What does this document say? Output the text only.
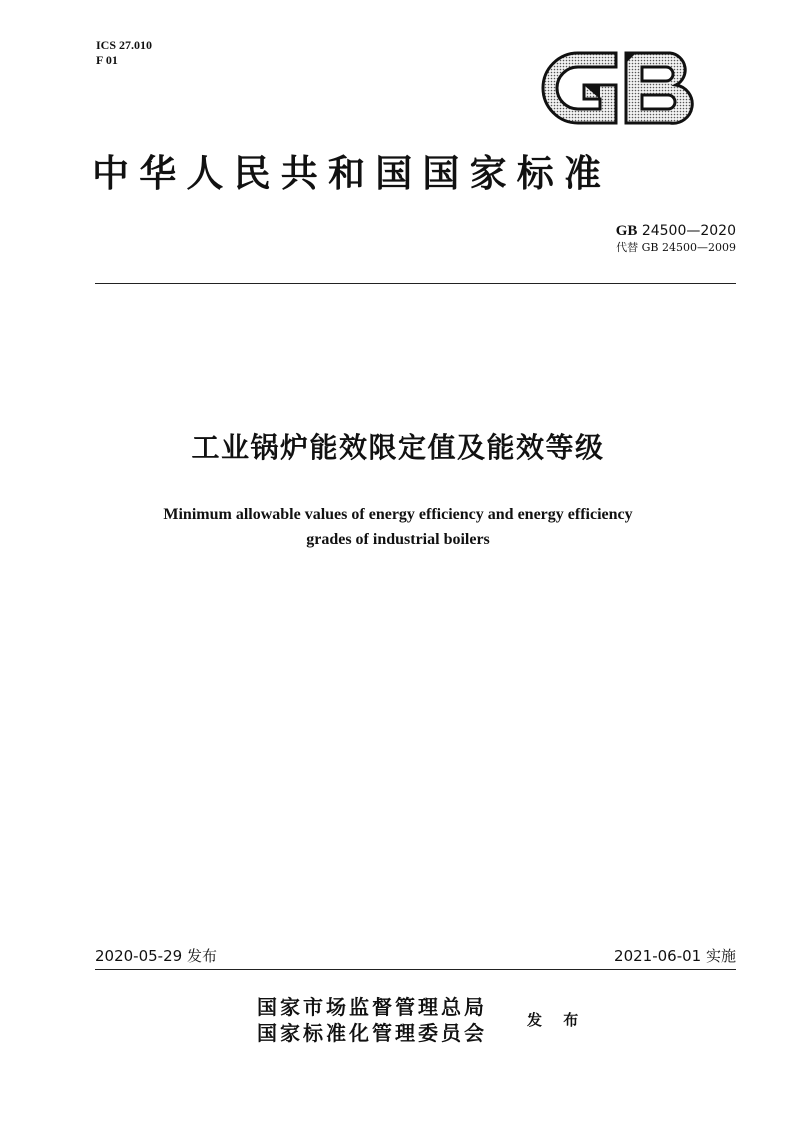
ICS 27.010
F 01
中华人民共和国国家标准
GB 24500—2020
代替 GB 24500—2009
工业锅炉能效限定值及能效等级
Minimum allowable values of energy efficiency and energy efficiency
grades of industrial boilers
2020-05-29 发布	2021-06-01 实施
国家市场监督管理总局
国家标准化管理委员会
发 布
